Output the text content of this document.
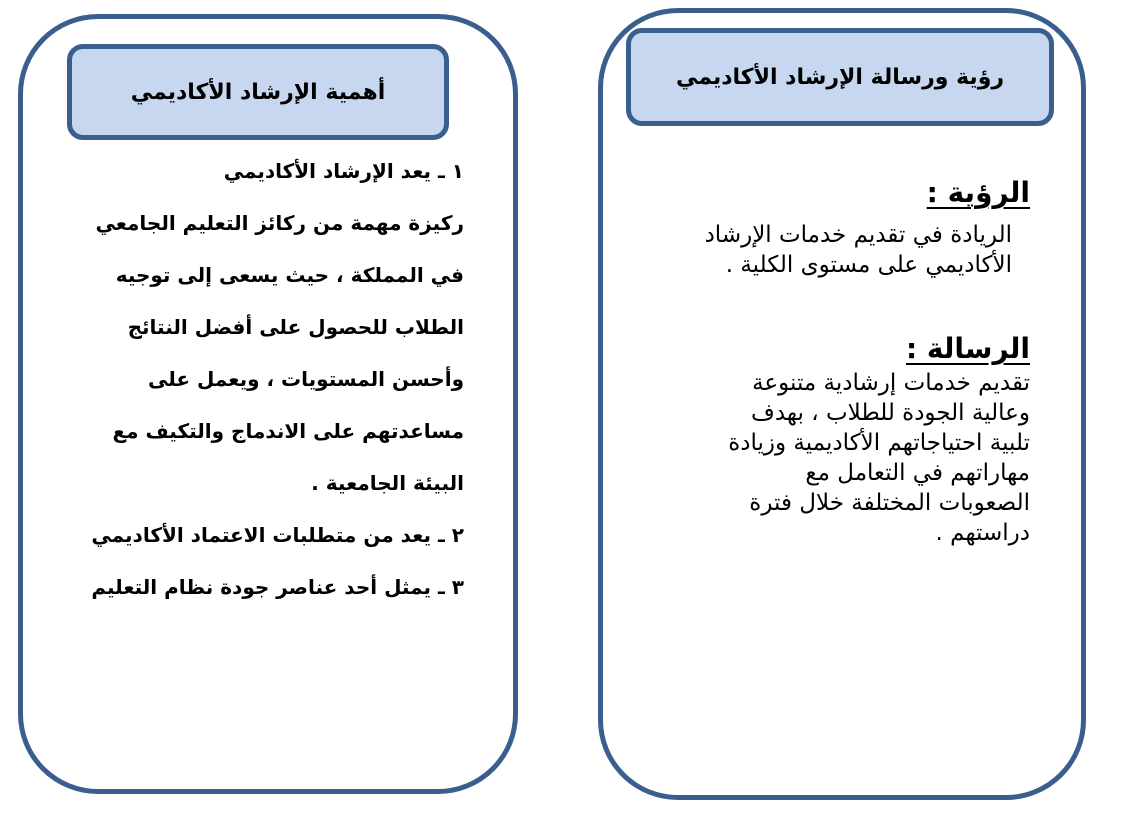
أهمية الإرشاد الأكاديمي
١ ـ يعد الإرشاد الأكاديمي
ركيزة مهمة من ركائز التعليم الجامعي
في المملكة ، حيث يسعى إلى توجيه
الطلاب للحصول على أفضل النتائج
وأحسن المستويات ، ويعمل على
مساعدتهم على الاندماج والتكيف مع
البيئة الجامعية .
٢ ـ يعد من متطلبات الاعتماد الأكاديمي
٣ ـ يمثل أحد عناصر جودة نظام التعليم
رؤية ورسالة الإرشاد الأكاديمي
الرؤية :
الريادة في تقديم خدمات الإرشاد
الأكاديمي على مستوى الكلية .
الرسالة :
تقديم خدمات إرشادية متنوعة
وعالية الجودة للطلاب ، بهدف
تلبية احتياجاتهم الأكاديمية وزيادة
مهاراتهم في التعامل مع
الصعوبات المختلفة خلال فترة
دراستهم .
